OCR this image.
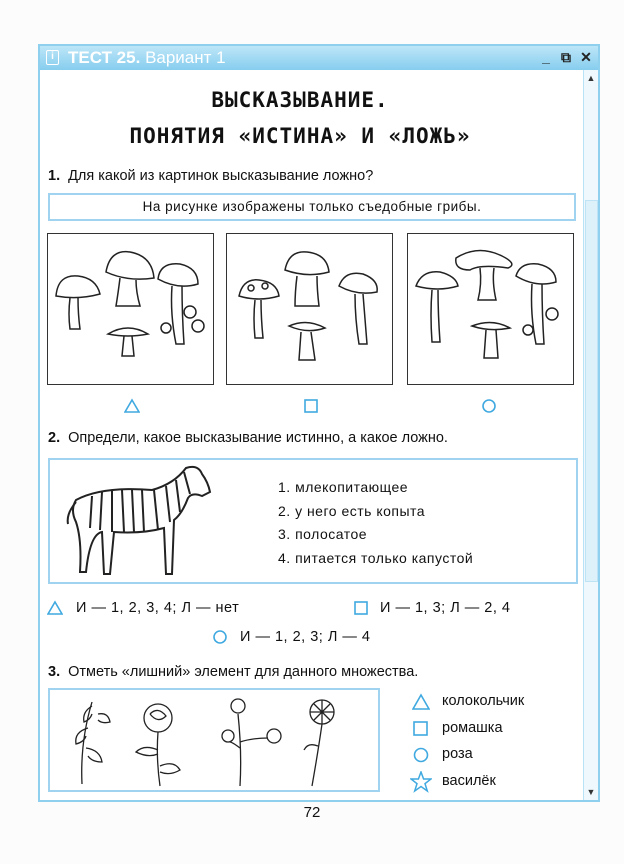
i ТЕСТ 25. Вариант 1	_ ⧉ ✕
▲
▼
ВЫСКАЗЫВАНИЕ.
ПОНЯТИЯ «ИСТИНА» И «ЛОЖЬ»
1. Для какой из картинок высказывание ложно?
На рисунке изображены только съедобные грибы.
2. Определи, какое высказывание истинно, а какое ложно.
1. млекопитающее
2. у него есть копыта
3. полосатое
4. питается только капустой
И — 1, 2, 3, 4; Л — нет	И — 1, 3; Л — 2, 4
И — 1, 2, 3; Л — 4
3. Отметь «лишний» элемент для данного множества.
колокольчик
ромашка
роза
василёк
72
